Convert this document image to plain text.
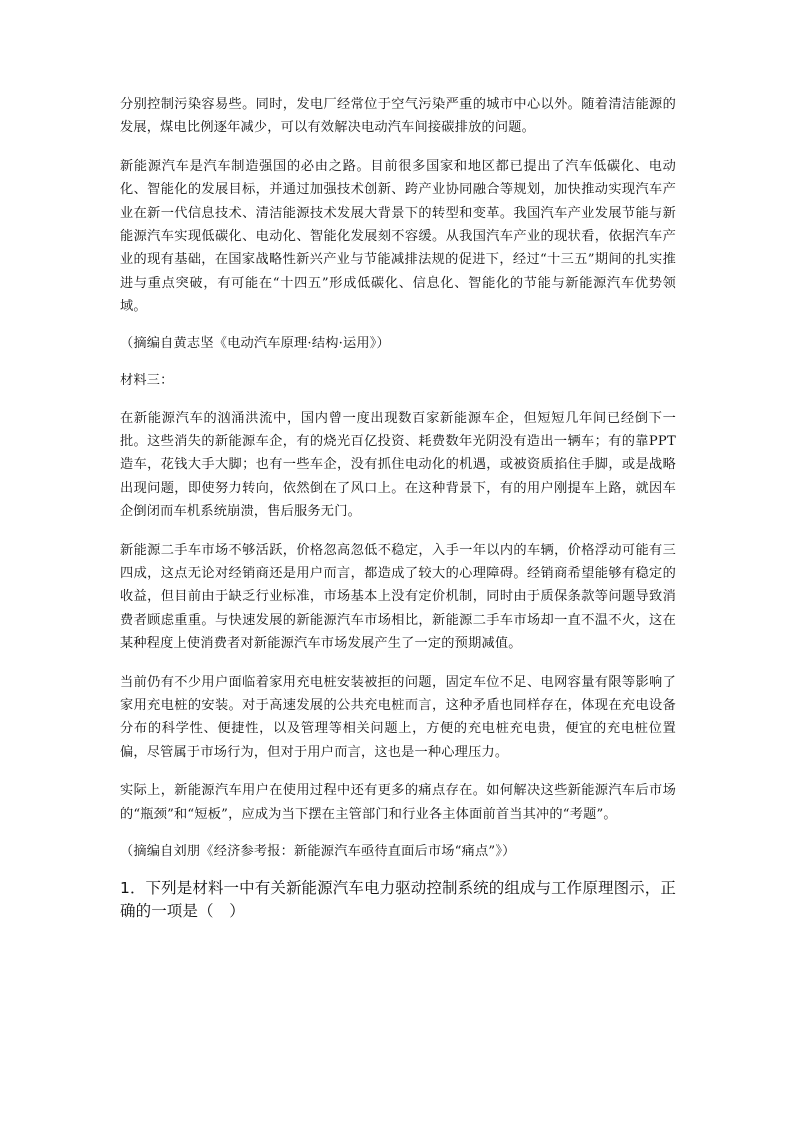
分别控制污染容易些。同时，发电厂经常位于空气污染严重的城市中心以外。随着清洁能源的发展，煤电比例逐年减少，可以有效解决电动汽车间接碳排放的问题。

新能源汽车是汽车制造强国的必由之路。目前很多国家和地区都已提出了汽车低碳化、电动化、智能化的发展目标，并通过加强技术创新、跨产业协同融合等规划，加快推动实现汽车产业在新一代信息技术、清洁能源技术发展大背景下的转型和变革。我国汽车产业发展节能与新能源汽车实现低碳化、电动化、智能化发展刻不容缓。从我国汽车产业的现状看，依据汽车产业的现有基础，在国家战略性新兴产业与节能减排法规的促进下，经过“十三五”期间的扎实推进与重点突破，有可能在“十四五”形成低碳化、信息化、智能化的节能与新能源汽车优势领域。

（摘编自黄志坚《电动汽车原理·结构·运用》）

材料三：

在新能源汽车的汹涌洪流中，国内曾一度出现数百家新能源车企，但短短几年间已经倒下一批。这些消失的新能源车企，有的烧光百亿投资、耗费数年光阴没有造出一辆车；有的靠PPT造车，花钱大手大脚；也有一些车企，没有抓住电动化的机遇，或被资质掐住手脚，或是战略出现问题，即使努力转向，依然倒在了风口上。在这种背景下，有的用户刚提车上路，就因车企倒闭而车机系统崩溃，售后服务无门。

新能源二手车市场不够活跃，价格忽高忽低不稳定，入手一年以内的车辆，价格浮动可能有三四成，这点无论对经销商还是用户而言，都造成了较大的心理障碍。经销商希望能够有稳定的收益，但目前由于缺乏行业标准，市场基本上没有定价机制，同时由于质保条款等问题导致消费者顾虑重重。与快速发展的新能源汽车市场相比，新能源二手车市场却一直不温不火，这在某种程度上使消费者对新能源汽车市场发展产生了一定的预期减值。

当前仍有不少用户面临着家用充电桩安装被拒的问题，固定车位不足、电网容量有限等影响了家用充电桩的安装。对于高速发展的公共充电桩而言，这种矛盾也同样存在，体现在充电设备分布的科学性、便捷性，以及管理等相关问题上，方便的充电桩充电贵，便宜的充电桩位置偏，尽管属于市场行为，但对于用户而言，这也是一种心理压力。

实际上，新能源汽车用户在使用过程中还有更多的痛点存在。如何解决这些新能源汽车后市场的“瓶颈”和“短板”，应成为当下摆在主管部门和行业各主体面前首当其冲的“考题”。

（摘编自刘朋《经济参考报：新能源汽车亟待直面后市场“痛点”》）

1．下列是材料一中有关新能源汽车电力驱动控制系统的组成与工作原理图示，正确的一项是（　）
